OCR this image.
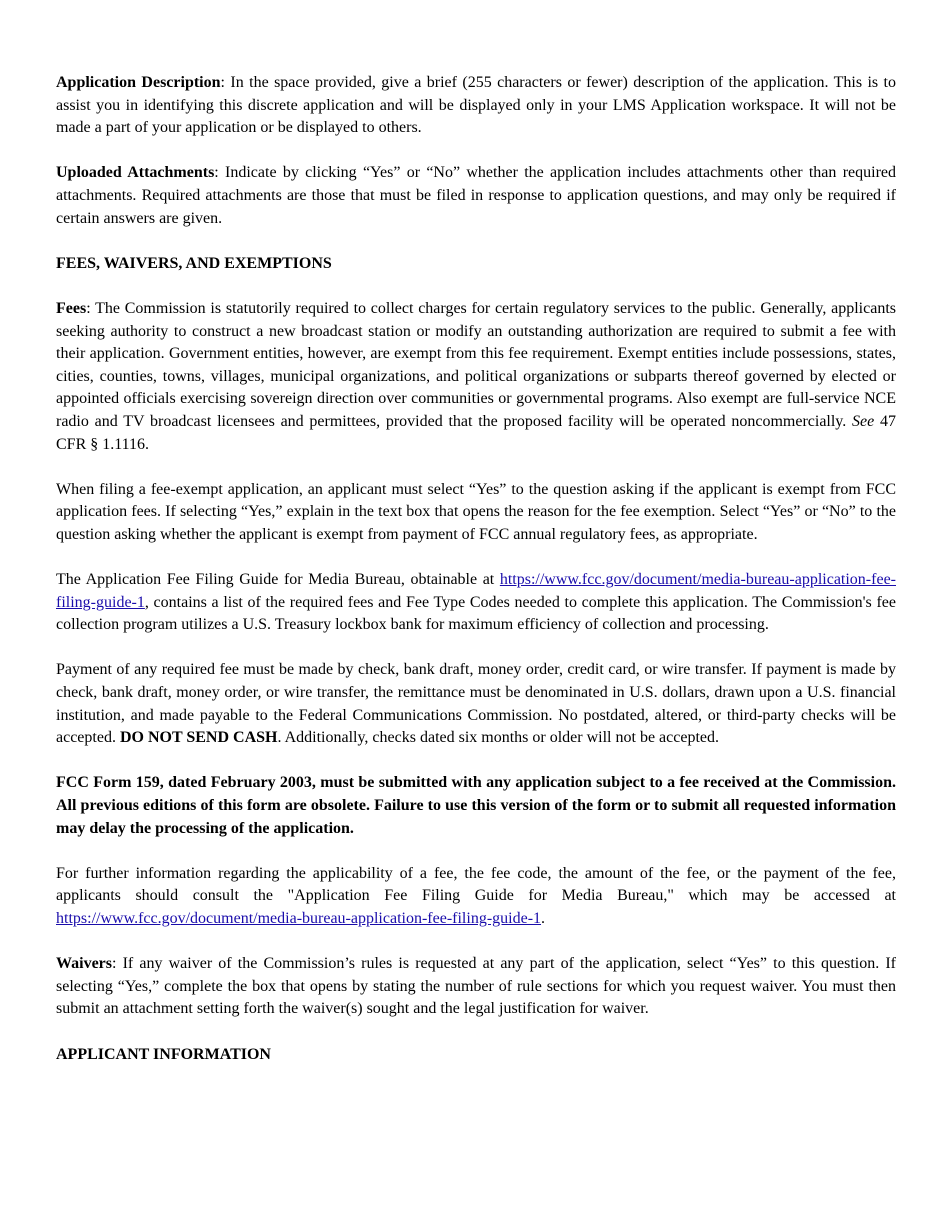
Application Description: In the space provided, give a brief (255 characters or fewer) description of the application. This is to assist you in identifying this discrete application and will be displayed only in your LMS Application workspace. It will not be made a part of your application or be displayed to others.

Uploaded Attachments: Indicate by clicking “Yes” or “No” whether the application includes attachments other than required attachments. Required attachments are those that must be filed in response to application questions, and may only be required if certain answers are given.

FEES, WAIVERS, AND EXEMPTIONS

Fees: The Commission is statutorily required to collect charges for certain regulatory services to the public. Generally, applicants seeking authority to construct a new broadcast station or modify an outstanding authorization are required to submit a fee with their application. Government entities, however, are exempt from this fee requirement. Exempt entities include possessions, states, cities, counties, towns, villages, municipal organizations, and political organizations or subparts thereof governed by elected or appointed officials exercising sovereign direction over communities or governmental programs. Also exempt are full-service NCE radio and TV broadcast licensees and permittees, provided that the proposed facility will be operated noncommercially. See 47 CFR § 1.1116.

When filing a fee-exempt application, an applicant must select “Yes” to the question asking if the applicant is exempt from FCC application fees. If selecting “Yes,” explain in the text box that opens the reason for the fee exemption. Select “Yes” or “No” to the question asking whether the applicant is exempt from payment of FCC annual regulatory fees, as appropriate.

The Application Fee Filing Guide for Media Bureau, obtainable at https://www.fcc.gov/document/media-bureau-application-fee-filing-guide-1, contains a list of the required fees and Fee Type Codes needed to complete this application. The Commission's fee collection program utilizes a U.S. Treasury lockbox bank for maximum efficiency of collection and processing.

Payment of any required fee must be made by check, bank draft, money order, credit card, or wire transfer. If payment is made by check, bank draft, money order, or wire transfer, the remittance must be denominated in U.S. dollars, drawn upon a U.S. financial institution, and made payable to the Federal Communications Commission. No postdated, altered, or third-party checks will be accepted. DO NOT SEND CASH. Additionally, checks dated six months or older will not be accepted.

FCC Form 159, dated February 2003, must be submitted with any application subject to a fee received at the Commission. All previous editions of this form are obsolete. Failure to use this version of the form or to submit all requested information may delay the processing of the application.

For further information regarding the applicability of a fee, the fee code, the amount of the fee, or the payment of the fee, applicants should consult the "Application Fee Filing Guide for Media Bureau," which may be accessed at https://www.fcc.gov/document/media-bureau-application-fee-filing-guide-1.

Waivers: If any waiver of the Commission’s rules is requested at any part of the application, select “Yes” to this question. If selecting “Yes,” complete the box that opens by stating the number of rule sections for which you request waiver. You must then submit an attachment setting forth the waiver(s) sought and the legal justification for waiver.

APPLICANT INFORMATION
